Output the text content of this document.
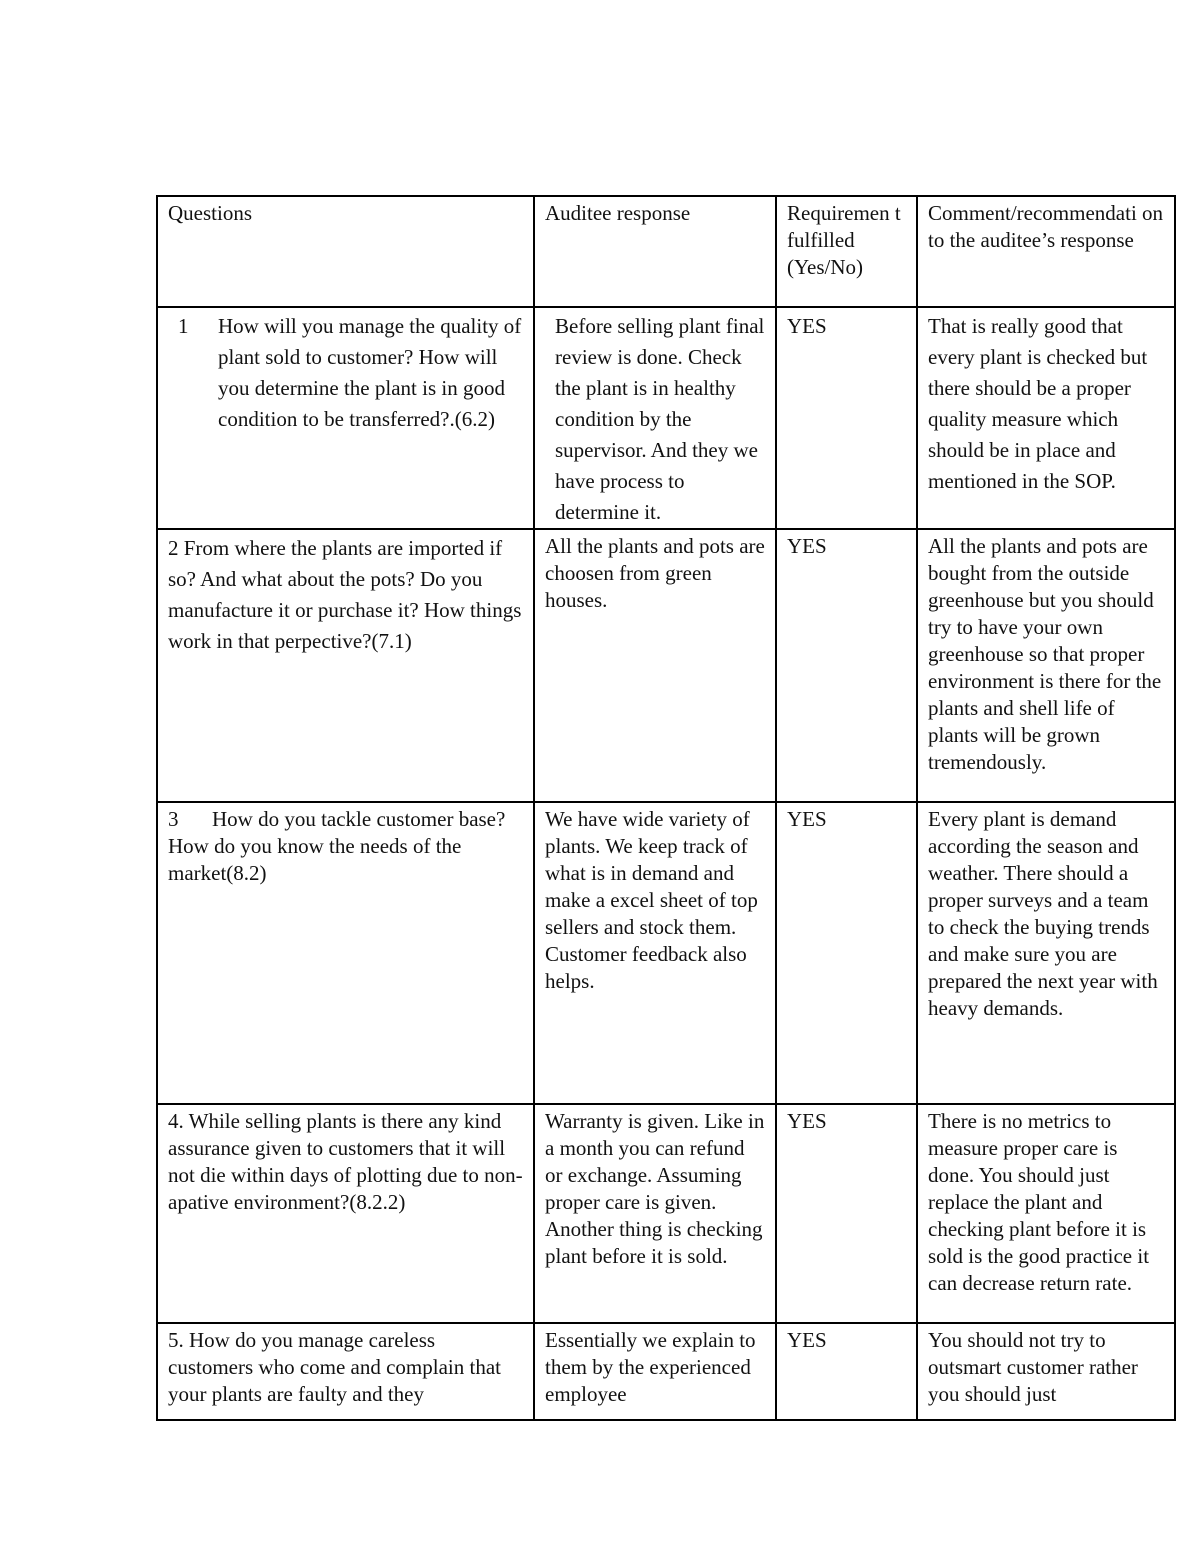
Questions	Auditee response	Requiremen t fulfilled (Yes/No)	Comment/recommendati on to the auditee’s response

1 How will you manage the quality of plant sold to customer? How will you determine the plant is in good condition to be transferred?.(6.2)	Before selling plant final review is done. Check the plant is in healthy condition by the supervisor. And they we have process to determine it.	YES	That is really good that every plant is checked but there should be a proper quality measure which should be in place and mentioned in the SOP.
2 From where the plants are imported if so? And what about the pots? Do you manufacture it or purchase it? How things work in that perpective?(7.1)	All the plants and pots are choosen from green houses.	YES	All the plants and pots are bought from the outside greenhouse but you should try to have your own greenhouse so that proper environment is there for the plants and shell life of plants will be grown tremendously.
3 How do you tackle customer base? How do you know the needs of the market(8.2)	We have wide variety of plants. We keep track of what is in demand and make a excel sheet of top sellers and stock them. Customer feedback also helps.	YES	Every plant is demand according the season and weather. There should a proper surveys and a team to check the buying trends and make sure you are prepared the next year with heavy demands.
4. While selling plants is there any kind assurance given to customers that it will not die within days of plotting due to non-apative environment?(8.2.2)	Warranty is given. Like in a month you can refund or exchange. Assuming proper care is given. Another thing is checking plant before it is sold.	YES	There is no metrics to measure proper care is done. You should just replace the plant and checking plant before it is sold is the good practice it can decrease return rate.
5. How do you manage careless customers who come and complain that your plants are faulty and they	Essentially we explain to them by the experienced employee	YES	You should not try to outsmart customer rather you should just
